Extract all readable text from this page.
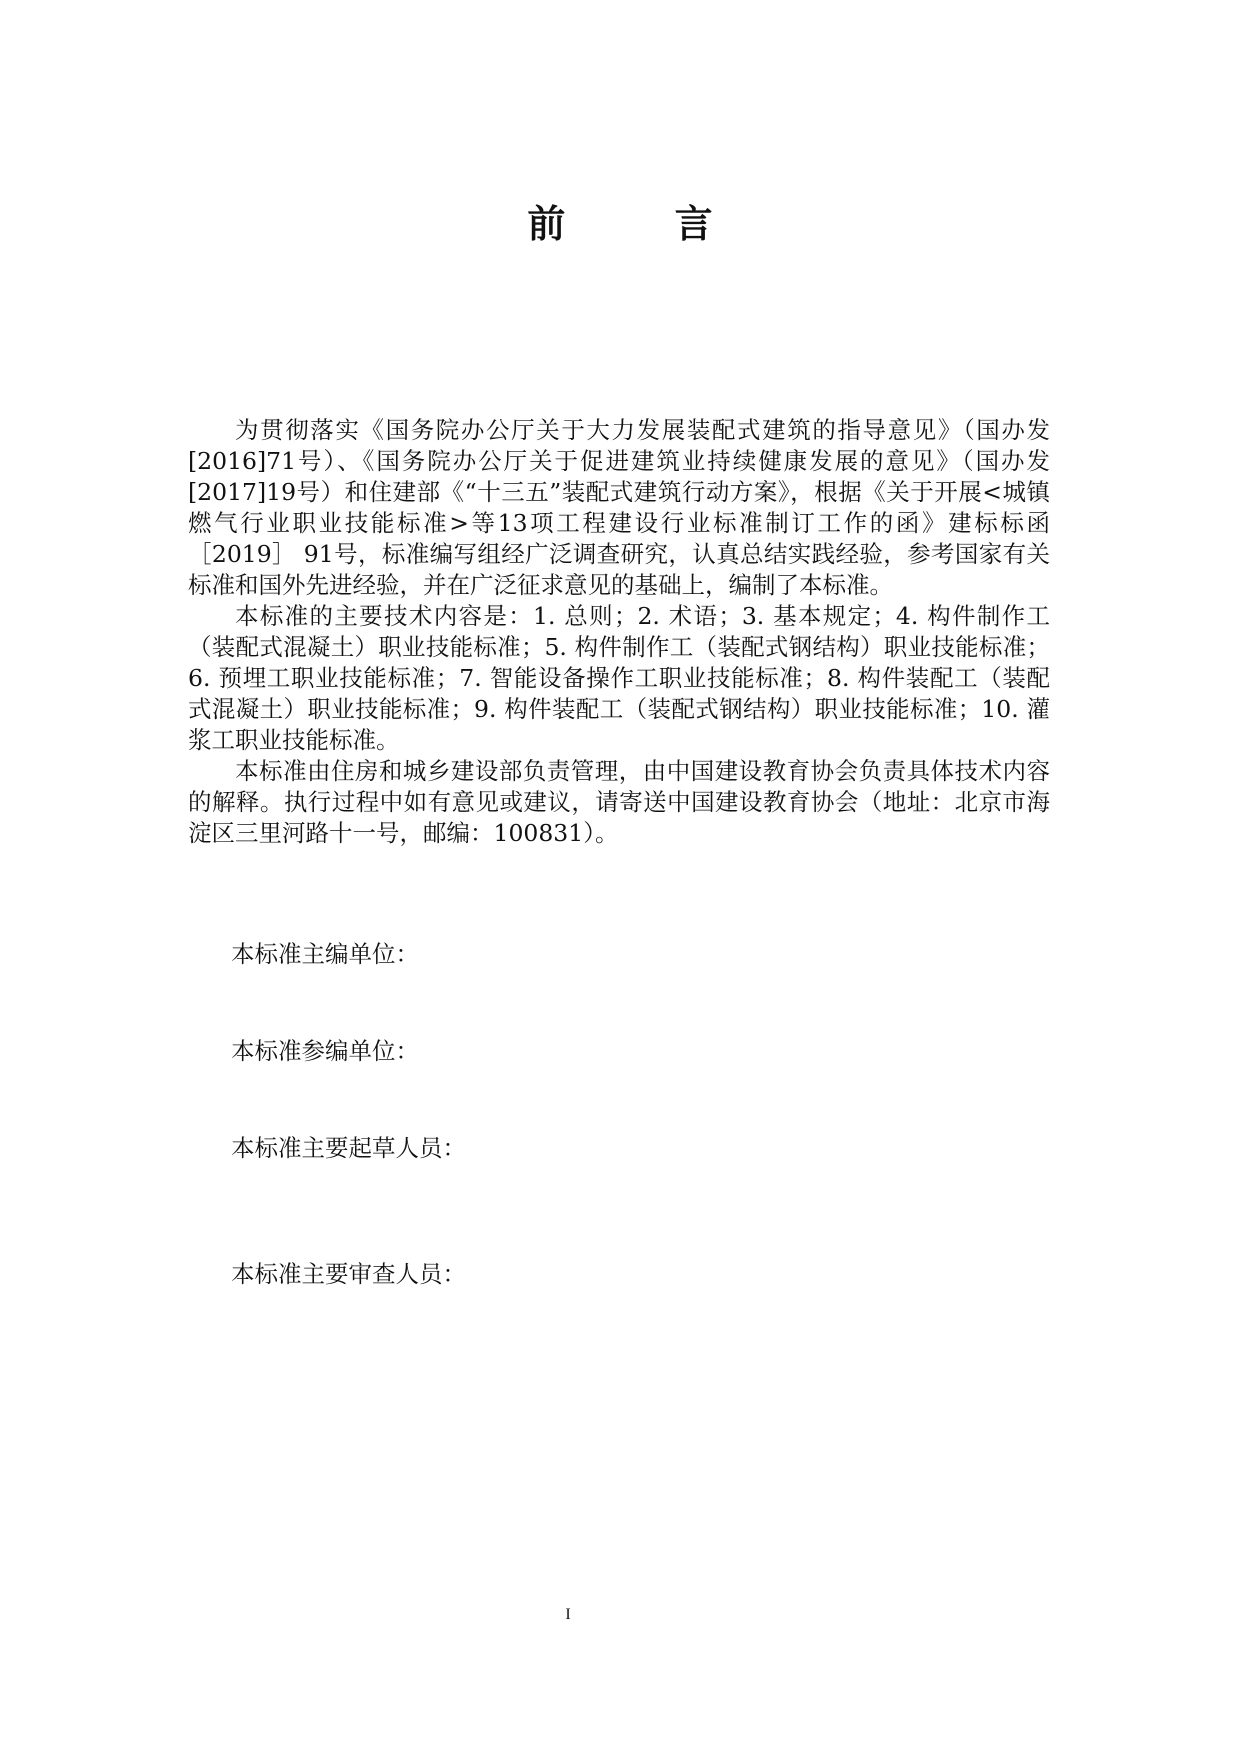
前 言

为贯彻落实《国务院办公厅关于大力发展装配式建筑的指导意见》（国办发[2016]71号）、《国务院办公厅关于促进建筑业持续健康发展的意见》（国办发[2017]19号）和住建部《“十三五”装配式建筑行动方案》，根据《关于开展<城镇燃气行业职业技能标准>等13项工程建设行业标准制订工作的函》建标标函［2019］ 91号，标准编写组经广泛调查研究，认真总结实践经验，参考国家有关标准和国外先进经验，并在广泛征求意见的基础上，编制了本标准。

本标准的主要技术内容是：1. 总则；2. 术语；3. 基本规定；4. 构件制作工（装配式混凝土）职业技能标准；5. 构件制作工（装配式钢结构）职业技能标准；6. 预埋工职业技能标准；7. 智能设备操作工职业技能标准；8. 构件装配工（装配式混凝土）职业技能标准；9. 构件装配工（装配式钢结构）职业技能标准；10. 灌浆工职业技能标准。

本标准由住房和城乡建设部负责管理，由中国建设教育协会负责具体技术内容的解释。执行过程中如有意见或建议，请寄送中国建设教育协会（地址：北京市海淀区三里河路十一号，邮编：100831）。

本标准主编单位：
本标准参编单位：
本标准主要起草人员：
本标准主要审查人员：
I
